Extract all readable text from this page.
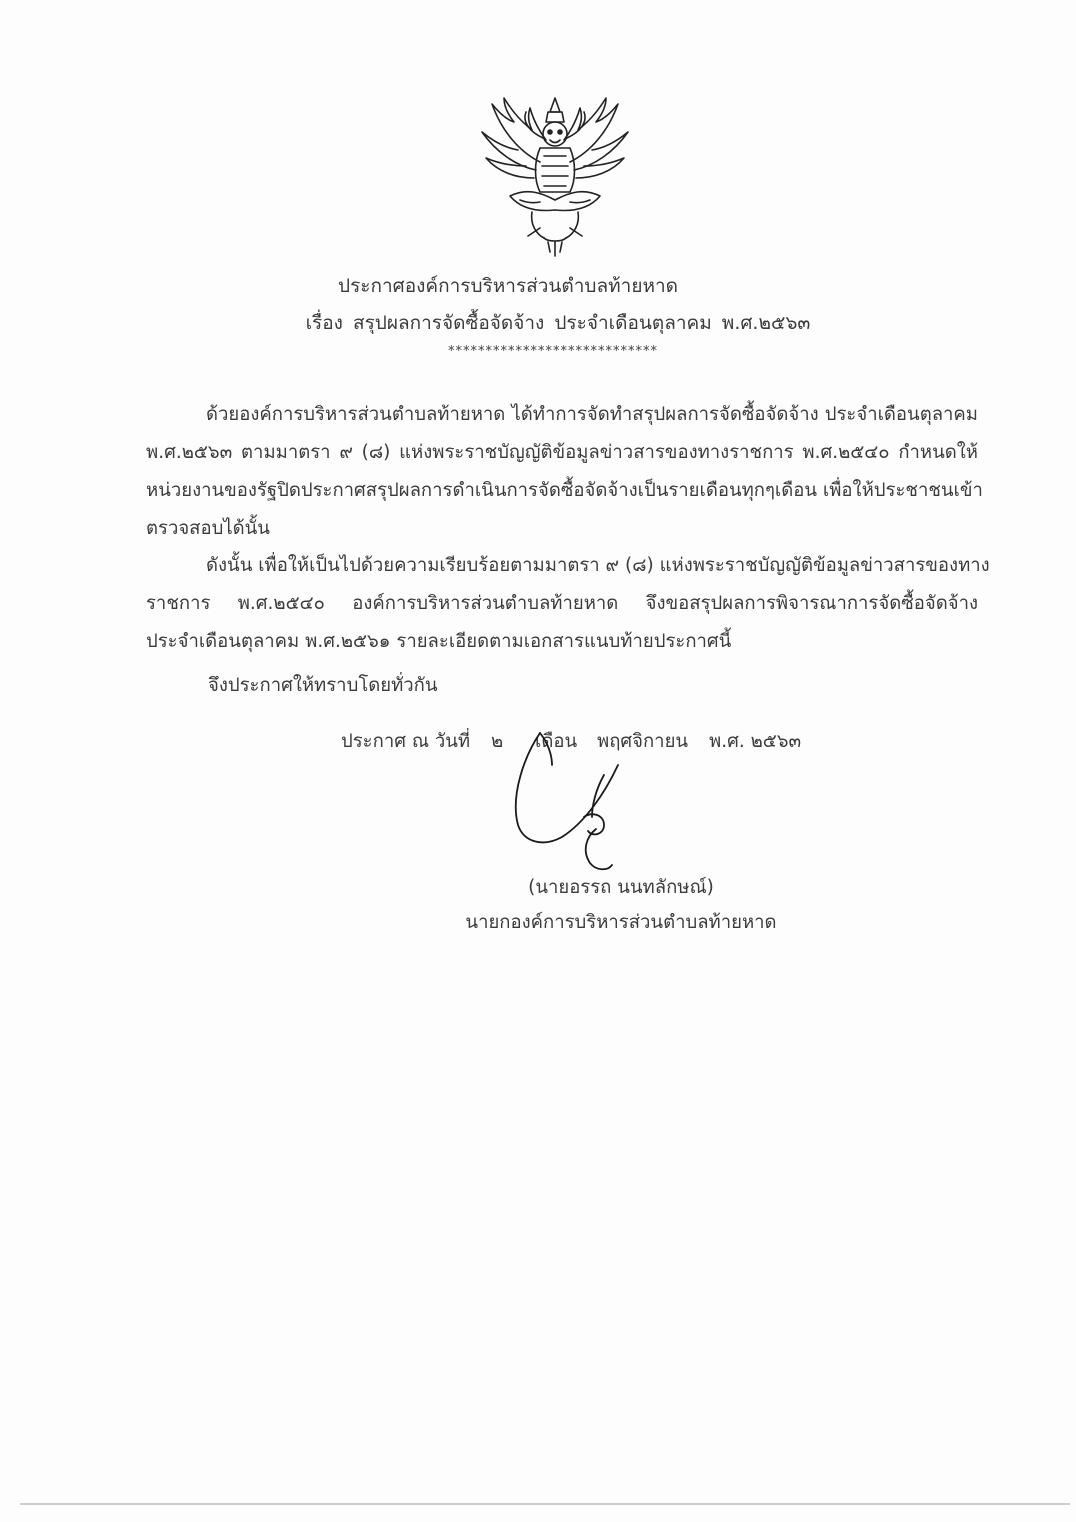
ประกาศองค์การบริหารส่วนตำบลท้ายหาด
เรื่อง สรุปผลการจัดซื้อจัดจ้าง ประจำเดือนตุลาคม พ.ศ.๒๕๖๓
****************************
ด้วยองค์การบริหารส่วนตำบลท้ายหาด ได้ทำการจัดทำสรุปผลการจัดซื้อจัดจ้าง ประจำเดือนตุลาคม
พ.ศ.๒๕๖๓ ตามมาตรา ๙ (๘) แห่งพระราชบัญญัติข้อมูลข่าวสารของทางราชการ พ.ศ.๒๕๔๐ กำหนดให้
หน่วยงานของรัฐปิดประกาศสรุปผลการดำเนินการจัดซื้อจัดจ้างเป็นรายเดือนทุกๆเดือน เพื่อให้ประชาชนเข้า
ตรวจสอบได้นั้น
ดังนั้น เพื่อให้เป็นไปด้วยความเรียบร้อยตามมาตรา ๙ (๘) แห่งพระราชบัญญัติข้อมูลข่าวสารของทาง
ราชการ พ.ศ.๒๕๔๐ องค์การบริหารส่วนตำบลท้ายหาด จึงขอสรุปผลการพิจารณาการจัดซื้อจัดจ้าง
ประจำเดือนตุลาคม พ.ศ.๒๕๖๑ รายละเอียดตามเอกสารแนบท้ายประกาศนี้
จึงประกาศให้ทราบโดยทั่วกัน
ประกาศ ณ วันที่ ๒ เดือน พฤศจิกายน พ.ศ. ๒๕๖๓
(นายอรรถ นนทลักษณ์)
นายกองค์การบริหารส่วนตำบลท้ายหาด
